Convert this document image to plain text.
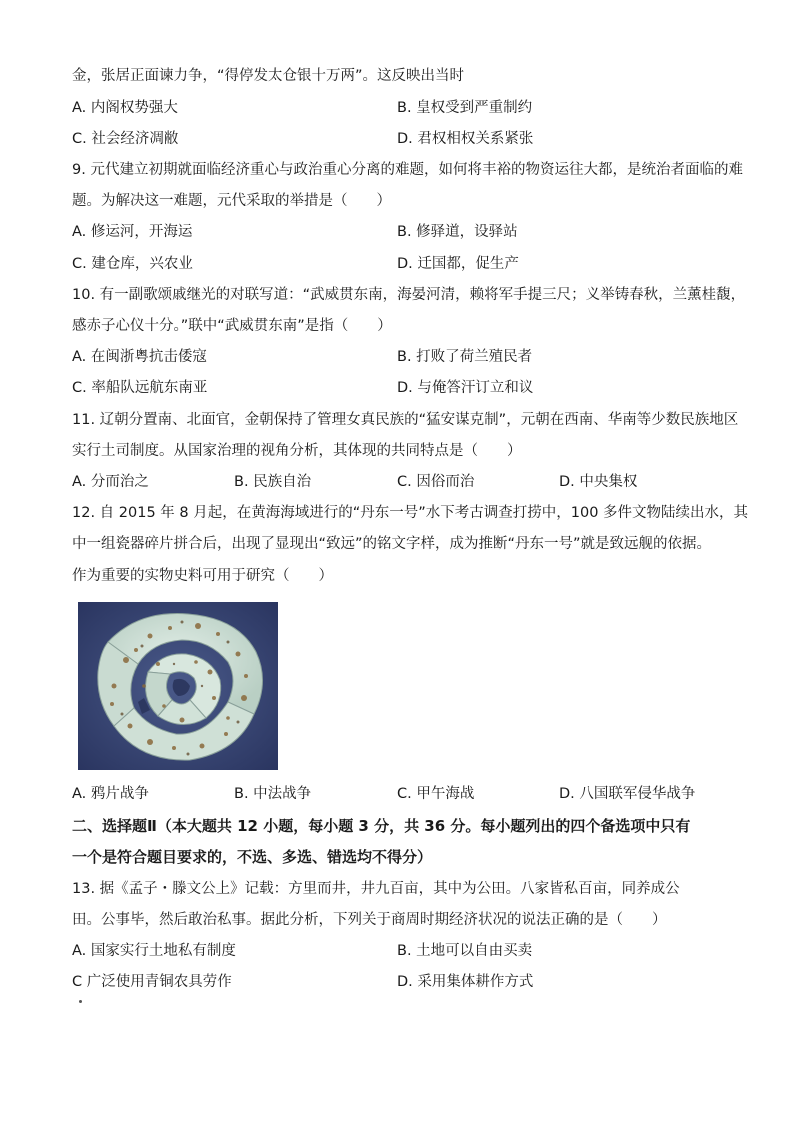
金，张居正面谏力争，“得停发太仓银十万两”。这反映出当时
A. 内阁权势强大	B. 皇权受到严重制约
C. 社会经济凋敝	D. 君权相权关系紧张
9. 元代建立初期就面临经济重心与政治重心分离的难题，如何将丰裕的物资运往大都，是统治者面临的难
题。为解决这一难题，元代采取的举措是（　　）
A. 修运河，开海运	B. 修驿道，设驿站
C. 建仓库，兴农业	D. 迁国都，促生产
10. 有一副歌颂戚继光的对联写道：“武威贯东南，海晏河清，赖将军手提三尺；义举铸春秋，兰薰桂馥，
感赤子心仪十分。”联中“武威贯东南”是指（　　）
A. 在闽浙粤抗击倭寇	B. 打败了荷兰殖民者
C. 率船队远航东南亚	D. 与俺答汗订立和议
11. 辽朝分置南、北面官，金朝保持了管理女真民族的“猛安谋克制”，元朝在西南、华南等少数民族地区
实行土司制度。从国家治理的视角分析，其体现的共同特点是（　　）
A. 分而治之	B. 民族自治	C. 因俗而治	D. 中央集权
12. 自 2015 年 8 月起，在黄海海域进行的“丹东一号”水下考古调查打捞中，100 多件文物陆续出水，其
中一组瓷器碎片拼合后，出现了显现出“致远”的铭文字样，成为推断“丹东一号”就是致远舰的依据。
作为重要的实物史料可用于研究（　　）
A. 鸦片战争	B. 中法战争	C. 甲午海战	D. 八国联军侵华战争
二、选择题Ⅱ（本大题共 12 小题，每小题 3 分，共 36 分。每小题列出的四个备选项中只有
一个是符合题目要求的，不选、多选、错选均不得分）
13. 据《孟子・滕文公上》记载：方里而井，井九百亩，其中为公田。八家皆私百亩，同养成公
田。公事毕，然后敢治私事。据此分析，下列关于商周时期经济状况的说法正确的是（　　）
A. 国家实行土地私有制度	B. 土地可以自由买卖
C 广泛使用青铜农具劳作	D. 采用集体耕作方式
